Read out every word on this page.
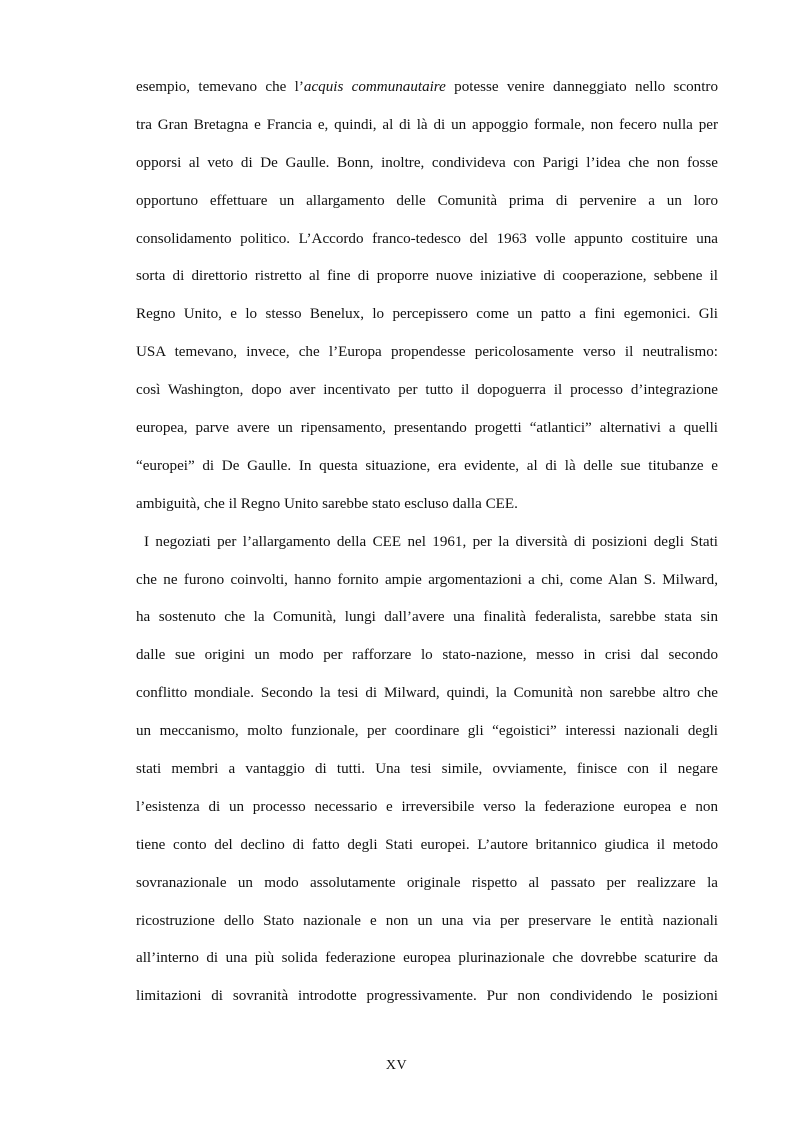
esempio, temevano che l’acquis communautaire potesse venire danneggiato nello scontro
tra Gran Bretagna e Francia e, quindi, al di là di un appoggio formale, non fecero nulla per
opporsi al veto di De Gaulle. Bonn, inoltre, condivideva con Parigi l’idea che non fosse
opportuno effettuare un allargamento delle Comunità prima di pervenire a un loro
consolidamento politico. L’Accordo franco-tedesco del 1963 volle appunto costituire una
sorta di direttorio ristretto al fine di proporre nuove iniziative di cooperazione, sebbene il
Regno Unito, e lo stesso Benelux, lo percepissero come un patto a fini egemonici. Gli
USA temevano, invece, che l’Europa propendesse pericolosamente verso il neutralismo:
così Washington, dopo aver incentivato per tutto il dopoguerra il processo d’integrazione
europea, parve avere un ripensamento, presentando progetti “atlantici” alternativi a quelli
“europei” di De Gaulle. In questa situazione, era evidente, al di là delle sue titubanze e
ambiguità, che il Regno Unito sarebbe stato escluso dalla CEE.
I negoziati per l’allargamento della CEE nel 1961, per la diversità di posizioni degli Stati
che ne furono coinvolti, hanno fornito ampie argomentazioni a chi, come Alan S. Milward,
ha sostenuto che la Comunità, lungi dall’avere una finalità federalista, sarebbe stata sin
dalle sue origini un modo per rafforzare lo stato-nazione, messo in crisi dal secondo
conflitto mondiale. Secondo la tesi di Milward, quindi, la Comunità non sarebbe altro che
un meccanismo, molto funzionale, per coordinare gli “egoistici” interessi nazionali degli
stati membri a vantaggio di tutti. Una tesi simile, ovviamente, finisce con il negare
l’esistenza di un processo necessario e irreversibile verso la federazione europea e non
tiene conto del declino di fatto degli Stati europei. L’autore britannico giudica il metodo
sovranazionale un modo assolutamente originale rispetto al passato per realizzare la
ricostruzione dello Stato nazionale e non un una via per preservare le entità nazionali
all’interno di una più solida federazione europea plurinazionale che dovrebbe scaturire da
limitazioni di sovranità introdotte progressivamente. Pur non condividendo le posizioni
XV
